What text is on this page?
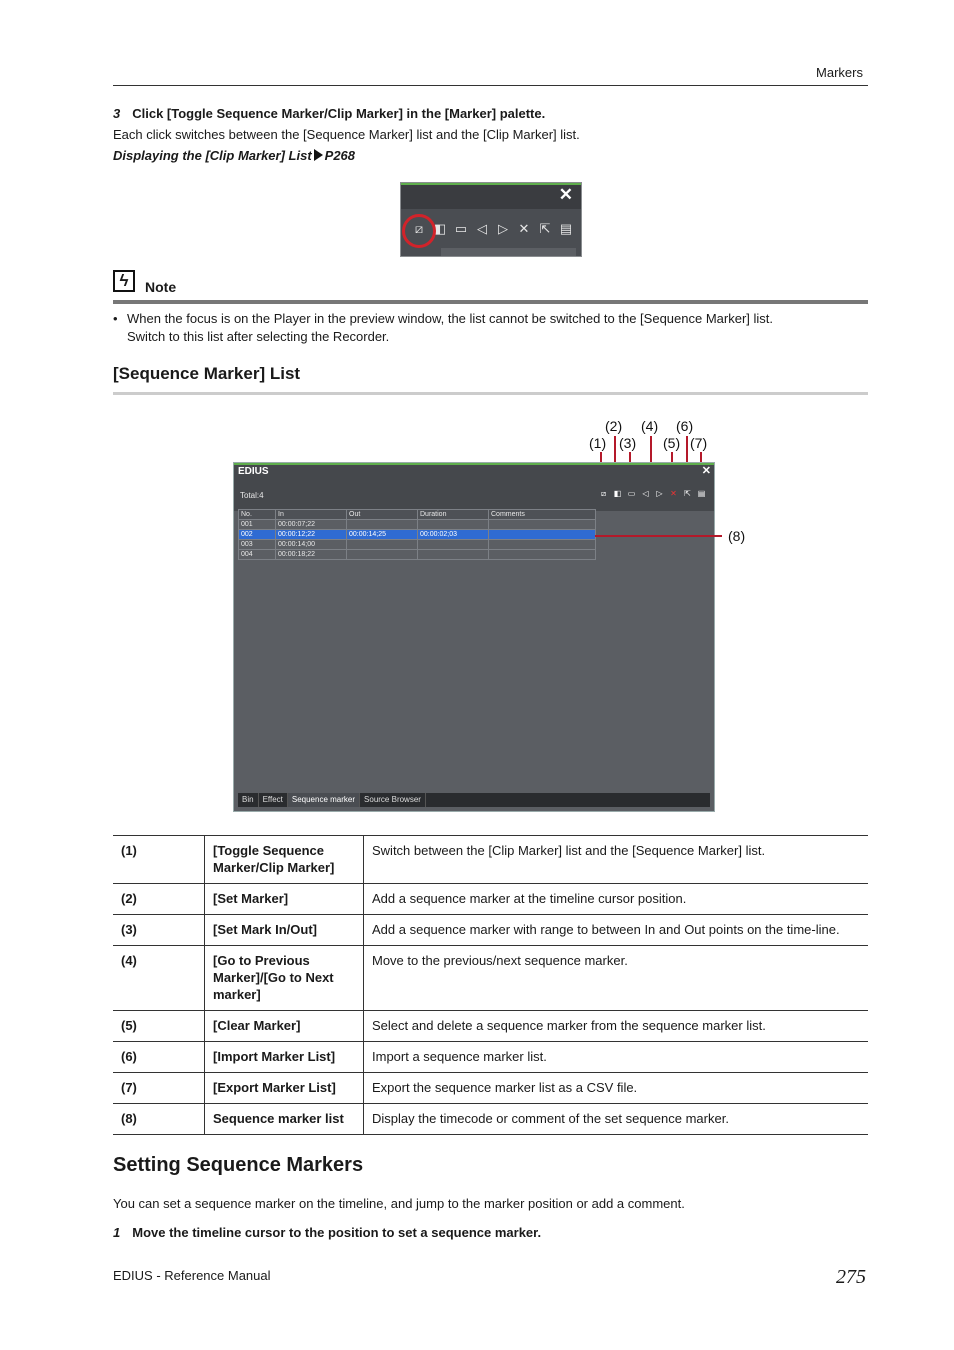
Markers
3 Click [Toggle Sequence Marker/Clip Marker] in the [Marker] palette.
Each click switches between the [Sequence Marker] list and the [Clip Marker] list.
Displaying the [Clip Marker] List P268
✕
⧄ ◧ ▭ ◁ ▷ ✕ ⇱ ▤
ϟ	Note
• When the focus is on the Player in the preview window, the list cannot be switched to the [Sequence Marker] list.
Switch to this list after selecting the Recorder.
[Sequence Marker] List
(2) (4) (6)
(1) (3) (5) (7)
(8)
EDIUS	✕
Total:4	⧄ ◧ ▭ ◁ ▷ ✕ ⇱ ▤
No.	In	Out	Duration	Comments
001	00:00:07;22			
002	00:00:12;22	00:00:14;25	00:00:02;03	
003	00:00:14;00			
004	00:00:18;22			
Bin	Effect	Sequence marker	Source Browser
(1)	[Toggle Sequence Marker/Clip Marker]	Switch between the [Clip Marker] list and the [Sequence Marker] list.
(2)	[Set Marker]	Add a sequence marker at the timeline cursor position.
(3)	[Set Mark In/Out]	Add a sequence marker with range to between In and Out points on the time-line.
(4)	[Go to Previous Marker]/[Go to Next marker]	Move to the previous/next sequence marker.
(5)	[Clear Marker]	Select and delete a sequence marker from the sequence marker list.
(6)	[Import Marker List]	Import a sequence marker list.
(7)	[Export Marker List]	Export the sequence marker list as a CSV file.
(8)	Sequence marker list	Display the timecode or comment of the set sequence marker.
Setting Sequence Markers
You can set a sequence marker on the timeline, and jump to the marker position or add a comment.
1 Move the timeline cursor to the position to set a sequence marker.
EDIUS - Reference Manual	275
